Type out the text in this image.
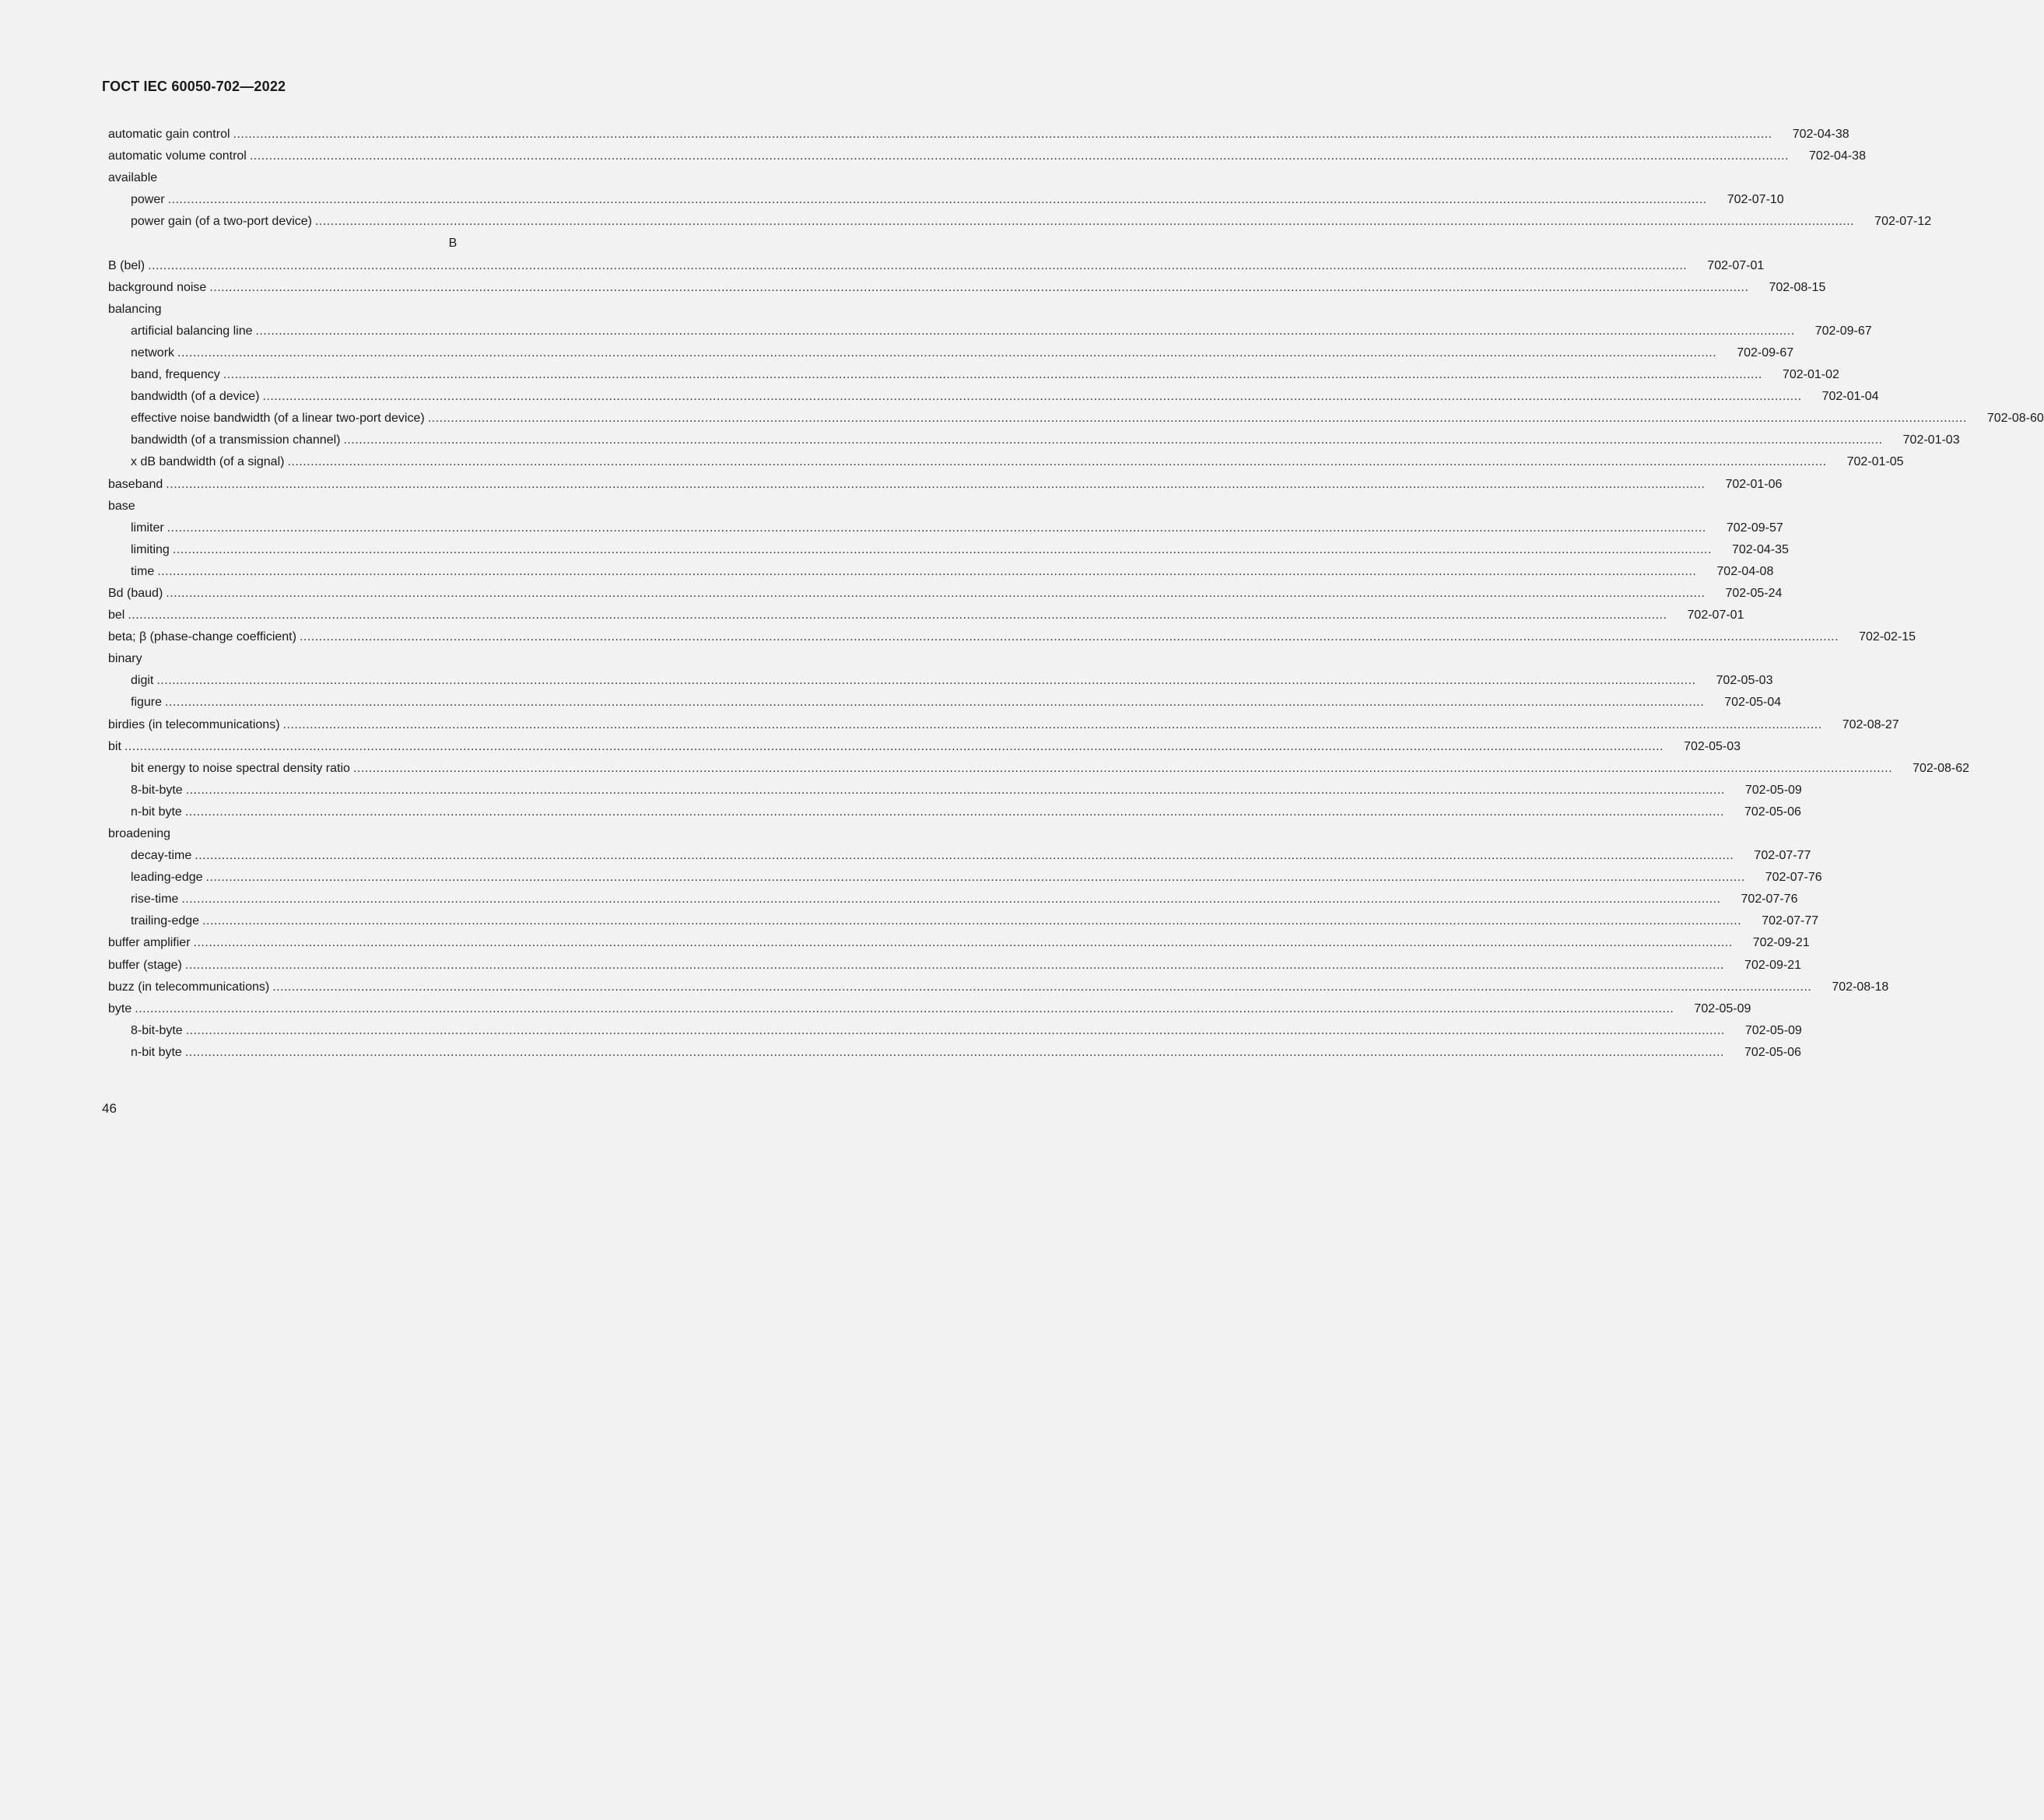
ГОСТ IEC 60050-702—2022
automatic gain control ................................................................................................................................................................................................................................................................................................................................................................................................................	702-04-38
automatic volume control ................................................................................................................................................................................................................................................................................................................................................................................................................	702-04-38
available
power ................................................................................................................................................................................................................................................................................................................................................................................................................	702-07-10
power gain (of a two-port device) ................................................................................................................................................................................................................................................................................................................................................................................................................	702-07-12
B
B (bel) ................................................................................................................................................................................................................................................................................................................................................................................................................	702-07-01
background noise ................................................................................................................................................................................................................................................................................................................................................................................................................	702-08-15
balancing
artificial balancing line ................................................................................................................................................................................................................................................................................................................................................................................................................	702-09-67
network ................................................................................................................................................................................................................................................................................................................................................................................................................	702-09-67
band, frequency ................................................................................................................................................................................................................................................................................................................................................................................................................	702-01-02
bandwidth (of a device) ................................................................................................................................................................................................................................................................................................................................................................................................................	702-01-04
effective noise bandwidth (of a linear two-port device) ................................................................................................................................................................................................................................................................................................................................................................................................................	702-08-60
bandwidth (of a transmission channel) ................................................................................................................................................................................................................................................................................................................................................................................................................	702-01-03
x dB bandwidth (of a signal) ................................................................................................................................................................................................................................................................................................................................................................................................................	702-01-05
baseband ................................................................................................................................................................................................................................................................................................................................................................................................................	702-01-06
base
limiter ................................................................................................................................................................................................................................................................................................................................................................................................................	702-09-57
limiting ................................................................................................................................................................................................................................................................................................................................................................................................................	702-04-35
time ................................................................................................................................................................................................................................................................................................................................................................................................................	702-04-08
Bd (baud) ................................................................................................................................................................................................................................................................................................................................................................................................................	702-05-24
bel ................................................................................................................................................................................................................................................................................................................................................................................................................	702-07-01
beta; β (phase-change coefficient) ................................................................................................................................................................................................................................................................................................................................................................................................................	702-02-15
binary
digit ................................................................................................................................................................................................................................................................................................................................................................................................................	702-05-03
figure ................................................................................................................................................................................................................................................................................................................................................................................................................	702-05-04
birdies (in telecommunications) ................................................................................................................................................................................................................................................................................................................................................................................................................	702-08-27
bit ................................................................................................................................................................................................................................................................................................................................................................................................................	702-05-03
bit energy to noise spectral density ratio ................................................................................................................................................................................................................................................................................................................................................................................................................	702-08-62
8-bit-byte ................................................................................................................................................................................................................................................................................................................................................................................................................	702-05-09
n-bit byte ................................................................................................................................................................................................................................................................................................................................................................................................................	702-05-06
broadening
decay-time ................................................................................................................................................................................................................................................................................................................................................................................................................	702-07-77
leading-edge ................................................................................................................................................................................................................................................................................................................................................................................................................	702-07-76
rise-time ................................................................................................................................................................................................................................................................................................................................................................................................................	702-07-76
trailing-edge ................................................................................................................................................................................................................................................................................................................................................................................................................	702-07-77
buffer amplifier ................................................................................................................................................................................................................................................................................................................................................................................................................	702-09-21
buffer (stage) ................................................................................................................................................................................................................................................................................................................................................................................................................	702-09-21
buzz (in telecommunications) ................................................................................................................................................................................................................................................................................................................................................................................................................	702-08-18
byte ................................................................................................................................................................................................................................................................................................................................................................................................................	702-05-09
8-bit-byte ................................................................................................................................................................................................................................................................................................................................................................................................................	702-05-09
n-bit byte ................................................................................................................................................................................................................................................................................................................................................................................................................	702-05-06
46
